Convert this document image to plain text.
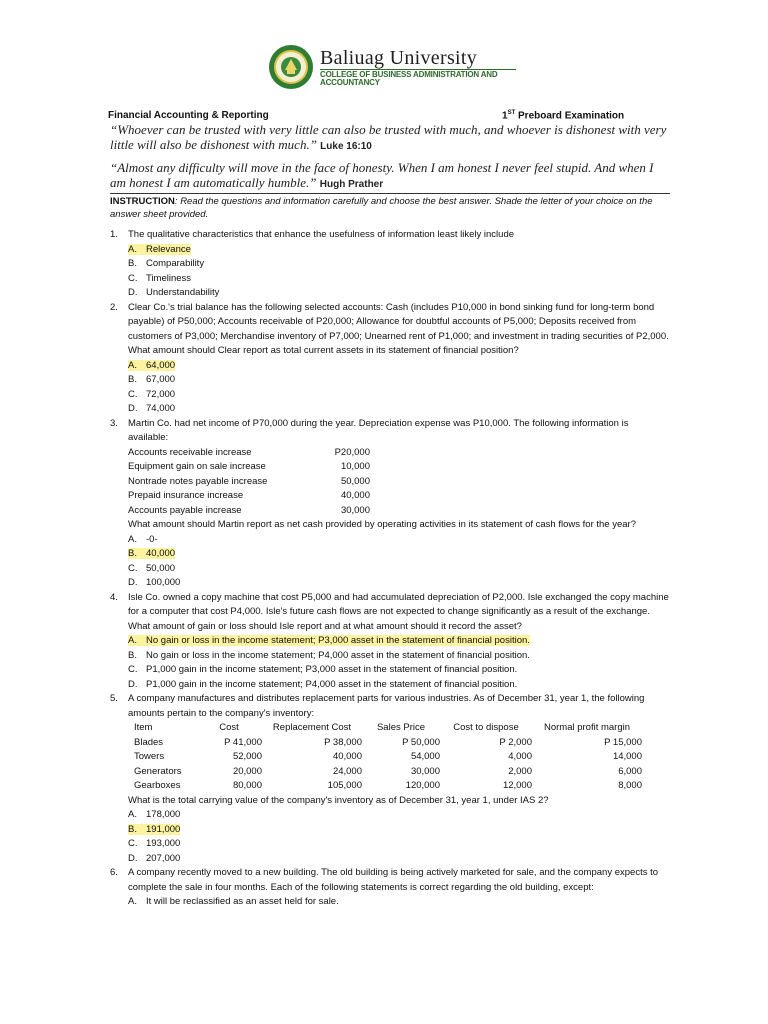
Baliuag University
COLLEGE OF BUSINESS ADMINISTRATION AND ACCOUNTANCY
Financial Accounting & Reporting	1ST Preboard Examination
“Whoever can be trusted with very little can also be trusted with much, and whoever is dishonest with very little will also be dishonest with much.” Luke 16:10
“Almost any difficulty will move in the face of honesty. When I am honest I never feel stupid. And when I am honest I am automatically humble.” Hugh Prather
INSTRUCTION: Read the questions and information carefully and choose the best answer. Shade the letter of your choice on the answer sheet provided.
1. The qualitative characteristics that enhance the usefulness of information least likely include
A. Relevance
B. Comparability
C. Timeliness
D. Understandability
2. Clear Co.'s trial balance has the following selected accounts: Cash (includes P10,000 in bond sinking fund for long-term bond payable) of P50,000; Accounts receivable of P20,000; Allowance for doubtful accounts of P5,000; Deposits received from customers of P3,000; Merchandise inventory of P7,000; Unearned rent of P1,000; and investment in trading securities of P2,000. What amount should Clear report as total current assets in its statement of financial position?
A. 64,000
B. 67,000
C. 72,000
D. 74,000
3. Martin Co. had net income of P70,000 during the year. Depreciation expense was P10,000. The following information is available:
Accounts receivable increase	P20,000
Equipment gain on sale increase	10,000
Nontrade notes payable increase	50,000
Prepaid insurance increase	40,000
Accounts payable increase	30,000
What amount should Martin report as net cash provided by operating activities in its statement of cash flows for the year?
A. -0-
B. 40,000
C. 50,000
D. 100,000
4. Isle Co. owned a copy machine that cost P5,000 and had accumulated depreciation of P2,000. Isle exchanged the copy machine for a computer that cost P4,000. Isle's future cash flows are not expected to change significantly as a result of the exchange. What amount of gain or loss should Isle report and at what amount should it record the asset?
A. No gain or loss in the income statement; P3,000 asset in the statement of financial position.
B. No gain or loss in the income statement; P4,000 asset in the statement of financial position.
C. P1,000 gain in the income statement; P3,000 asset in the statement of financial position.
D. P1,000 gain in the income statement; P4,000 asset in the statement of financial position.
5. A company manufactures and distributes replacement parts for various industries. As of December 31, year 1, the following amounts pertain to the company's inventory:
Item	Cost	Replacement Cost	Sales Price	Cost to dispose	Normal profit margin
Blades	P 41,000	P 38,000	P 50,000	P 2,000	P 15,000
Towers	52,000	40,000	54,000	4,000	14,000
Generators	20,000	24,000	30,000	2,000	6,000
Gearboxes	80,000	105,000	120,000	12,000	8,000
What is the total carrying value of the company's inventory as of December 31, year 1, under IAS 2?
A. 178,000
B. 191,000
C. 193,000
D. 207,000
6. A company recently moved to a new building. The old building is being actively marketed for sale, and the company expects to complete the sale in four months. Each of the following statements is correct regarding the old building, except:
A. It will be reclassified as an asset held for sale.
